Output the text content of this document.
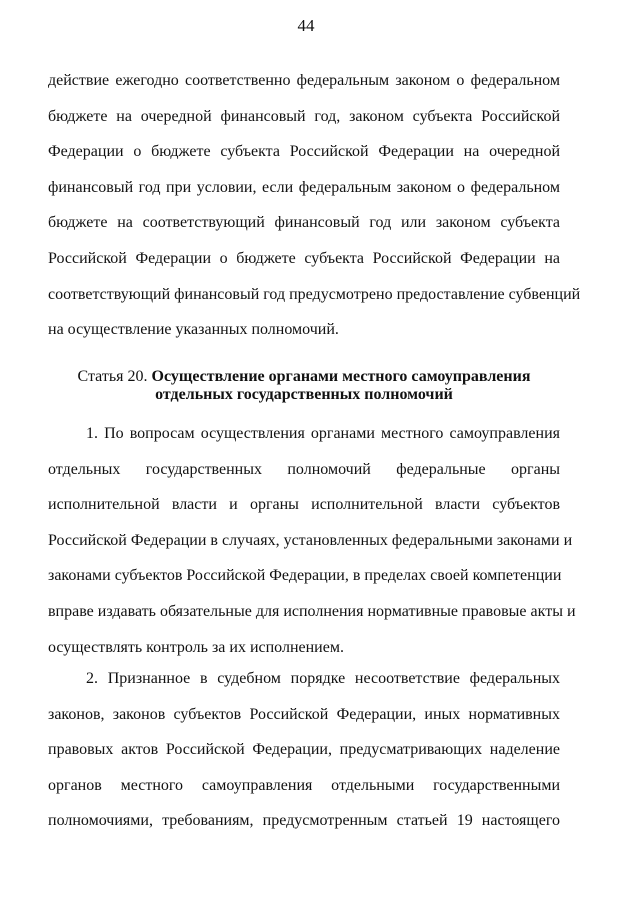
44
действие ежегодно соответственно федеральным законом о федеральном
бюджете на очередной финансовый год, законом субъекта Российской
Федерации о бюджете субъекта Российской Федерации на очередной
финансовый год при условии, если федеральным законом о федеральном
бюджете на соответствующий финансовый год или законом субъекта
Российской Федерации о бюджете субъекта Российской Федерации на
соответствующий финансовый год предусмотрено предоставление субвенций
на осуществление указанных полномочий.
Статья 20. Осуществление органами местного самоуправления
отдельных государственных полномочий
1. По вопросам осуществления органами местного самоуправления
отдельных государственных полномочий федеральные органы
исполнительной власти и органы исполнительной власти субъектов
Российской Федерации в случаях, установленных федеральными законами и
законами субъектов Российской Федерации, в пределах своей компетенции
вправе издавать обязательные для исполнения нормативные правовые акты и
осуществлять контроль за их исполнением.
2. Признанное в судебном порядке несоответствие федеральных
законов, законов субъектов Российской Федерации, иных нормативных
правовых актов Российской Федерации, предусматривающих наделение
органов местного самоуправления отдельными государственными
полномочиями, требованиям, предусмотренным статьей 19 настоящего
